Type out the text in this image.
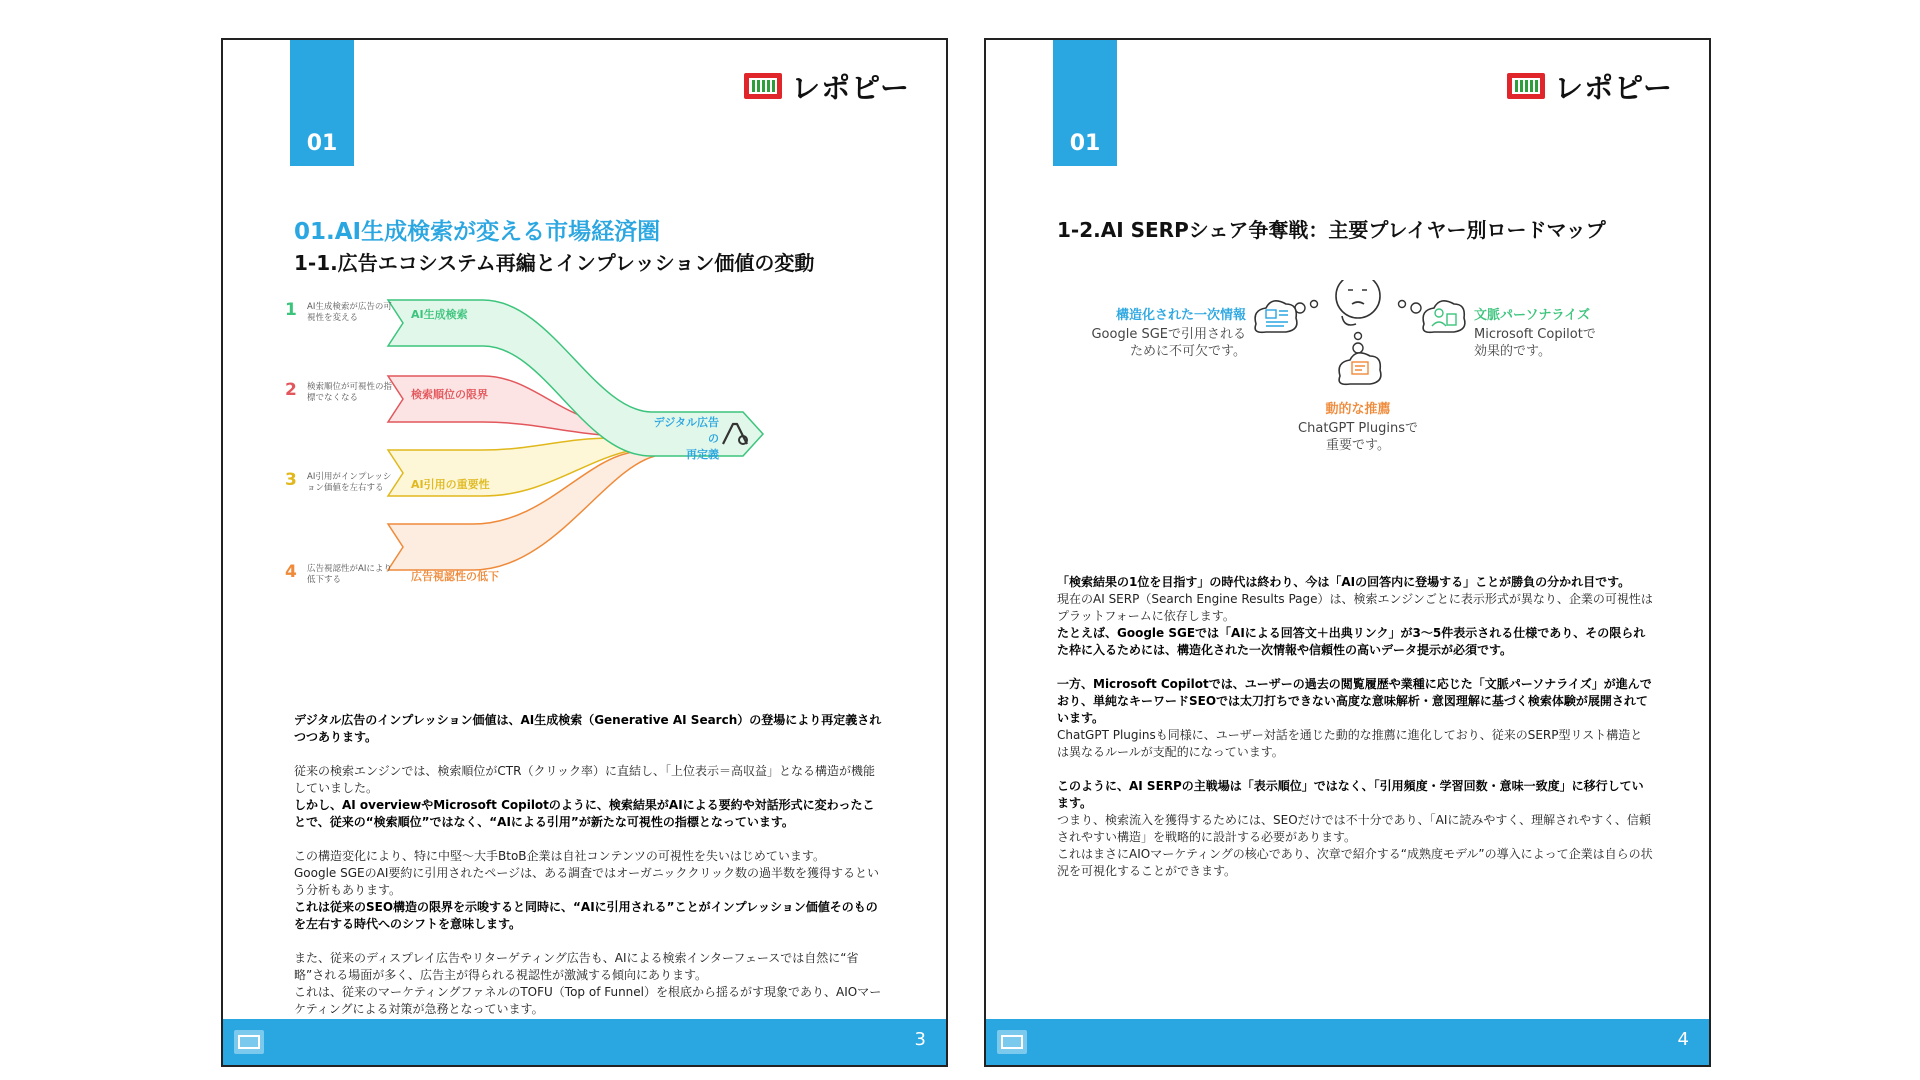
01
レポピー
01.AI生成検索が変える市場経済圏
1-1.広告エコシステム再編とインプレッション価値の変動
1 AI生成検索が広告の可視性を変える	AI生成検索
2 検索順位が可視性の指標でなくなる	検索順位の限界
3 AI引用がインプレッション価値を左右する	AI引用の重要性
4 広告視認性がAIにより低下する	広告視認性の低下
デジタル広告の
再定義
デジタル広告のインプレッション価値は、AI生成検索（Generative AI Search）の登場により再定義されつつあります。
従来の検索エンジンでは、検索順位がCTR（クリック率）に直結し、「上位表示＝高収益」となる構造が機能していました。
しかし、AI overviewやMicrosoft Copilotのように、検索結果がAIによる要約や対話形式に変わったことで、従来の“検索順位”ではなく、“AIによる引用”が新たな可視性の指標となっています。
この構造変化により、特に中堅〜大手BtoB企業は自社コンテンツの可視性を失いはじめています。
Google SGEのAI要約に引用されたページは、ある調査ではオーガニッククリック数の過半数を獲得するという分析もあります。
これは従来のSEO構造の限界を示唆すると同時に、“AIに引用される”ことがインプレッション価値そのものを左右する時代へのシフトを意味します。
また、従来のディスプレイ広告やリターゲティング広告も、AIによる検索インターフェースでは自然に“省略”される場面が多く、広告主が得られる視認性が激減する傾向にあります。
これは、従来のマーケティングファネルのTOFU（Top of Funnel）を根底から揺るがす現象であり、AIOマーケティングによる対策が急務となっています。
3
01
レポピー
1-2.AI SERPシェア争奪戦：主要プレイヤー別ロードマップ
構造化された一次情報
Google SGEで引用される
ために不可欠です。
文脈パーソナライズ
Microsoft Copilotで
効果的です。
動的な推薦
ChatGPT Pluginsで
重要です。
「検索結果の1位を目指す」の時代は終わり、今は「AIの回答内に登場する」ことが勝負の分かれ目です。
現在のAI SERP（Search Engine Results Page）は、検索エンジンごとに表示形式が異なり、企業の可視性はプラットフォームに依存します。
たとえば、Google SGEでは「AIによる回答文＋出典リンク」が3〜5件表示される仕様であり、その限られた枠に入るためには、構造化された一次情報や信頼性の高いデータ提示が必須です。
一方、Microsoft Copilotでは、ユーザーの過去の閲覧履歴や業種に応じた「文脈パーソナライズ」が進んでおり、単純なキーワードSEOでは太刀打ちできない高度な意味解析・意図理解に基づく検索体験が展開されています。
ChatGPT Pluginsも同様に、ユーザー対話を通じた動的な推薦に進化しており、従来のSERP型リスト構造とは異なるルールが支配的になっています。
このように、AI SERPの主戦場は「表示順位」ではなく、「引用頻度・学習回数・意味一致度」に移行しています。
つまり、検索流入を獲得するためには、SEOだけでは不十分であり、「AIに読みやすく、理解されやすく、信頼されやすい構造」を戦略的に設計する必要があります。
これはまさにAIOマーケティングの核心であり、次章で紹介する“成熟度モデル”の導入によって企業は自らの状況を可視化することができます。
4
